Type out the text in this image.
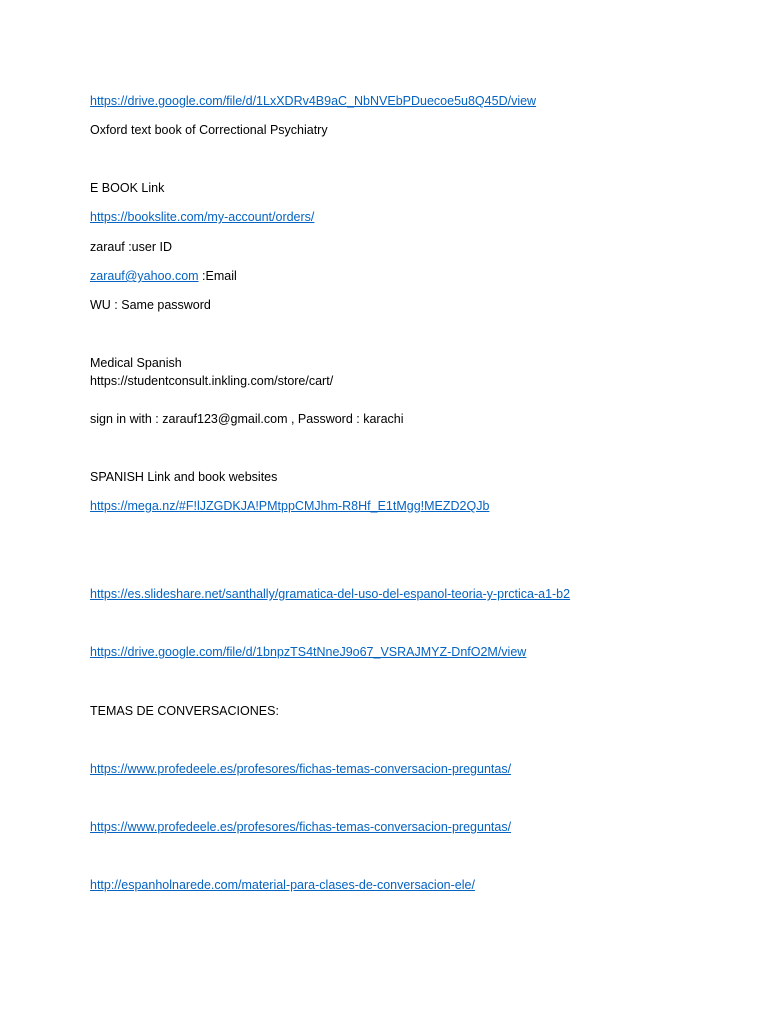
https://drive.google.com/file/d/1LxXDRv4B9aC_NbNVEbPDuecoe5u8Q45D/view
Oxford text book of Correctional Psychiatry
E BOOK Link
https://bookslite.com/my-account/orders/
zarauf :user ID
zarauf@yahoo.com :Email
WU : Same password
Medical Spanish
https://studentconsult.inkling.com/store/cart/
sign in with : zarauf123@gmail.com , Password : karachi
SPANISH Link and book websites
https://mega.nz/#F!lJZGDKJA!PMtppCMJhm-R8Hf_E1tMgg!MEZD2QJb
https://es.slideshare.net/santhally/gramatica-del-uso-del-espanol-teoria-y-prctica-a1-b2
https://drive.google.com/file/d/1bnpzTS4tNneJ9o67_VSRAJMYZ-DnfO2M/view
TEMAS DE CONVERSACIONES:
https://www.profedeele.es/profesores/fichas-temas-conversacion-preguntas/
https://www.profedeele.es/profesores/fichas-temas-conversacion-preguntas/
http://espanholnarede.com/material-para-clases-de-conversacion-ele/
